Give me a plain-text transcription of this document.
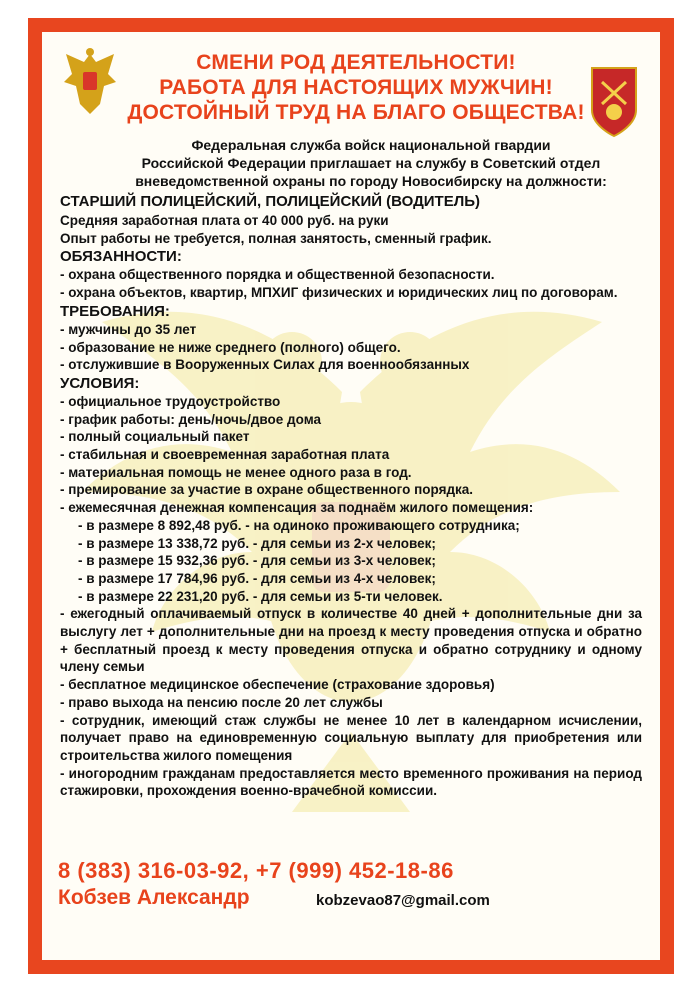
СМЕНИ РОД ДЕЯТЕЛЬНОСТИ!
РАБОТА ДЛЯ НАСТОЯЩИХ МУЖЧИН!
ДОСТОЙНЫЙ ТРУД НА БЛАГО ОБЩЕСТВА!
Федеральная служба войск национальной гвардии
Российской Федерации приглашает на службу в Советский отдел
вневедомственной охраны по городу Новосибирску на должности:
СТАРШИЙ ПОЛИЦЕЙСКИЙ, ПОЛИЦЕЙСКИЙ (ВОДИТЕЛЬ)
Средняя заработная плата от 40 000 руб. на руки
Опыт работы не требуется, полная занятость, сменный график.
ОБЯЗАННОСТИ:
- охрана общественного порядка и общественной безопасности.
- охрана объектов, квартир, МПХИГ физических и юридических лиц по договорам.
ТРЕБОВАНИЯ:
- мужчины до 35 лет
- образование не ниже среднего (полного) общего.
- отслужившие в Вооруженных Силах для военнообязанных
УСЛОВИЯ:
- официальное трудоустройство
- график работы: день/ночь/двое дома
- полный социальный пакет
- стабильная и своевременная заработная плата
- материальная помощь не менее одного раза в год.
- премирование за участие в охране общественного порядка.
- ежемесячная денежная компенсация за поднаём жилого помещения:
- в размере 8 892,48 руб. - на одиноко проживающего сотрудника;
- в размере 13 338,72 руб. - для семьи из 2-х человек;
- в размере 15 932,36 руб. - для семьи из 3-х человек;
- в размере 17 784,96 руб. - для семьи из 4-х человек;
- в размере 22 231,20 руб. - для семьи из 5-ти человек.
- ежегодный оплачиваемый отпуск в количестве 40 дней + дополнительные дни за выслугу лет + дополнительные дни на проезд к месту проведения отпуска и обратно + бесплатный проезд к месту проведения отпуска и обратно сотруднику и одному члену семьи
- бесплатное медицинское обеспечение (страхование здоровья)
- право выхода на пенсию после 20 лет службы
- сотрудник, имеющий стаж службы не менее 10 лет в календарном исчислении, получает право на единовременную социальную выплату для приобретения или строительства жилого помещения
- иногородним гражданам предоставляется место временного проживания на период стажировки, прохождения военно-врачебной комиссии.
8 (383) 316-03-92, +7 (999) 452-18-86
Кобзев Александр	kobzevao87@gmail.com
